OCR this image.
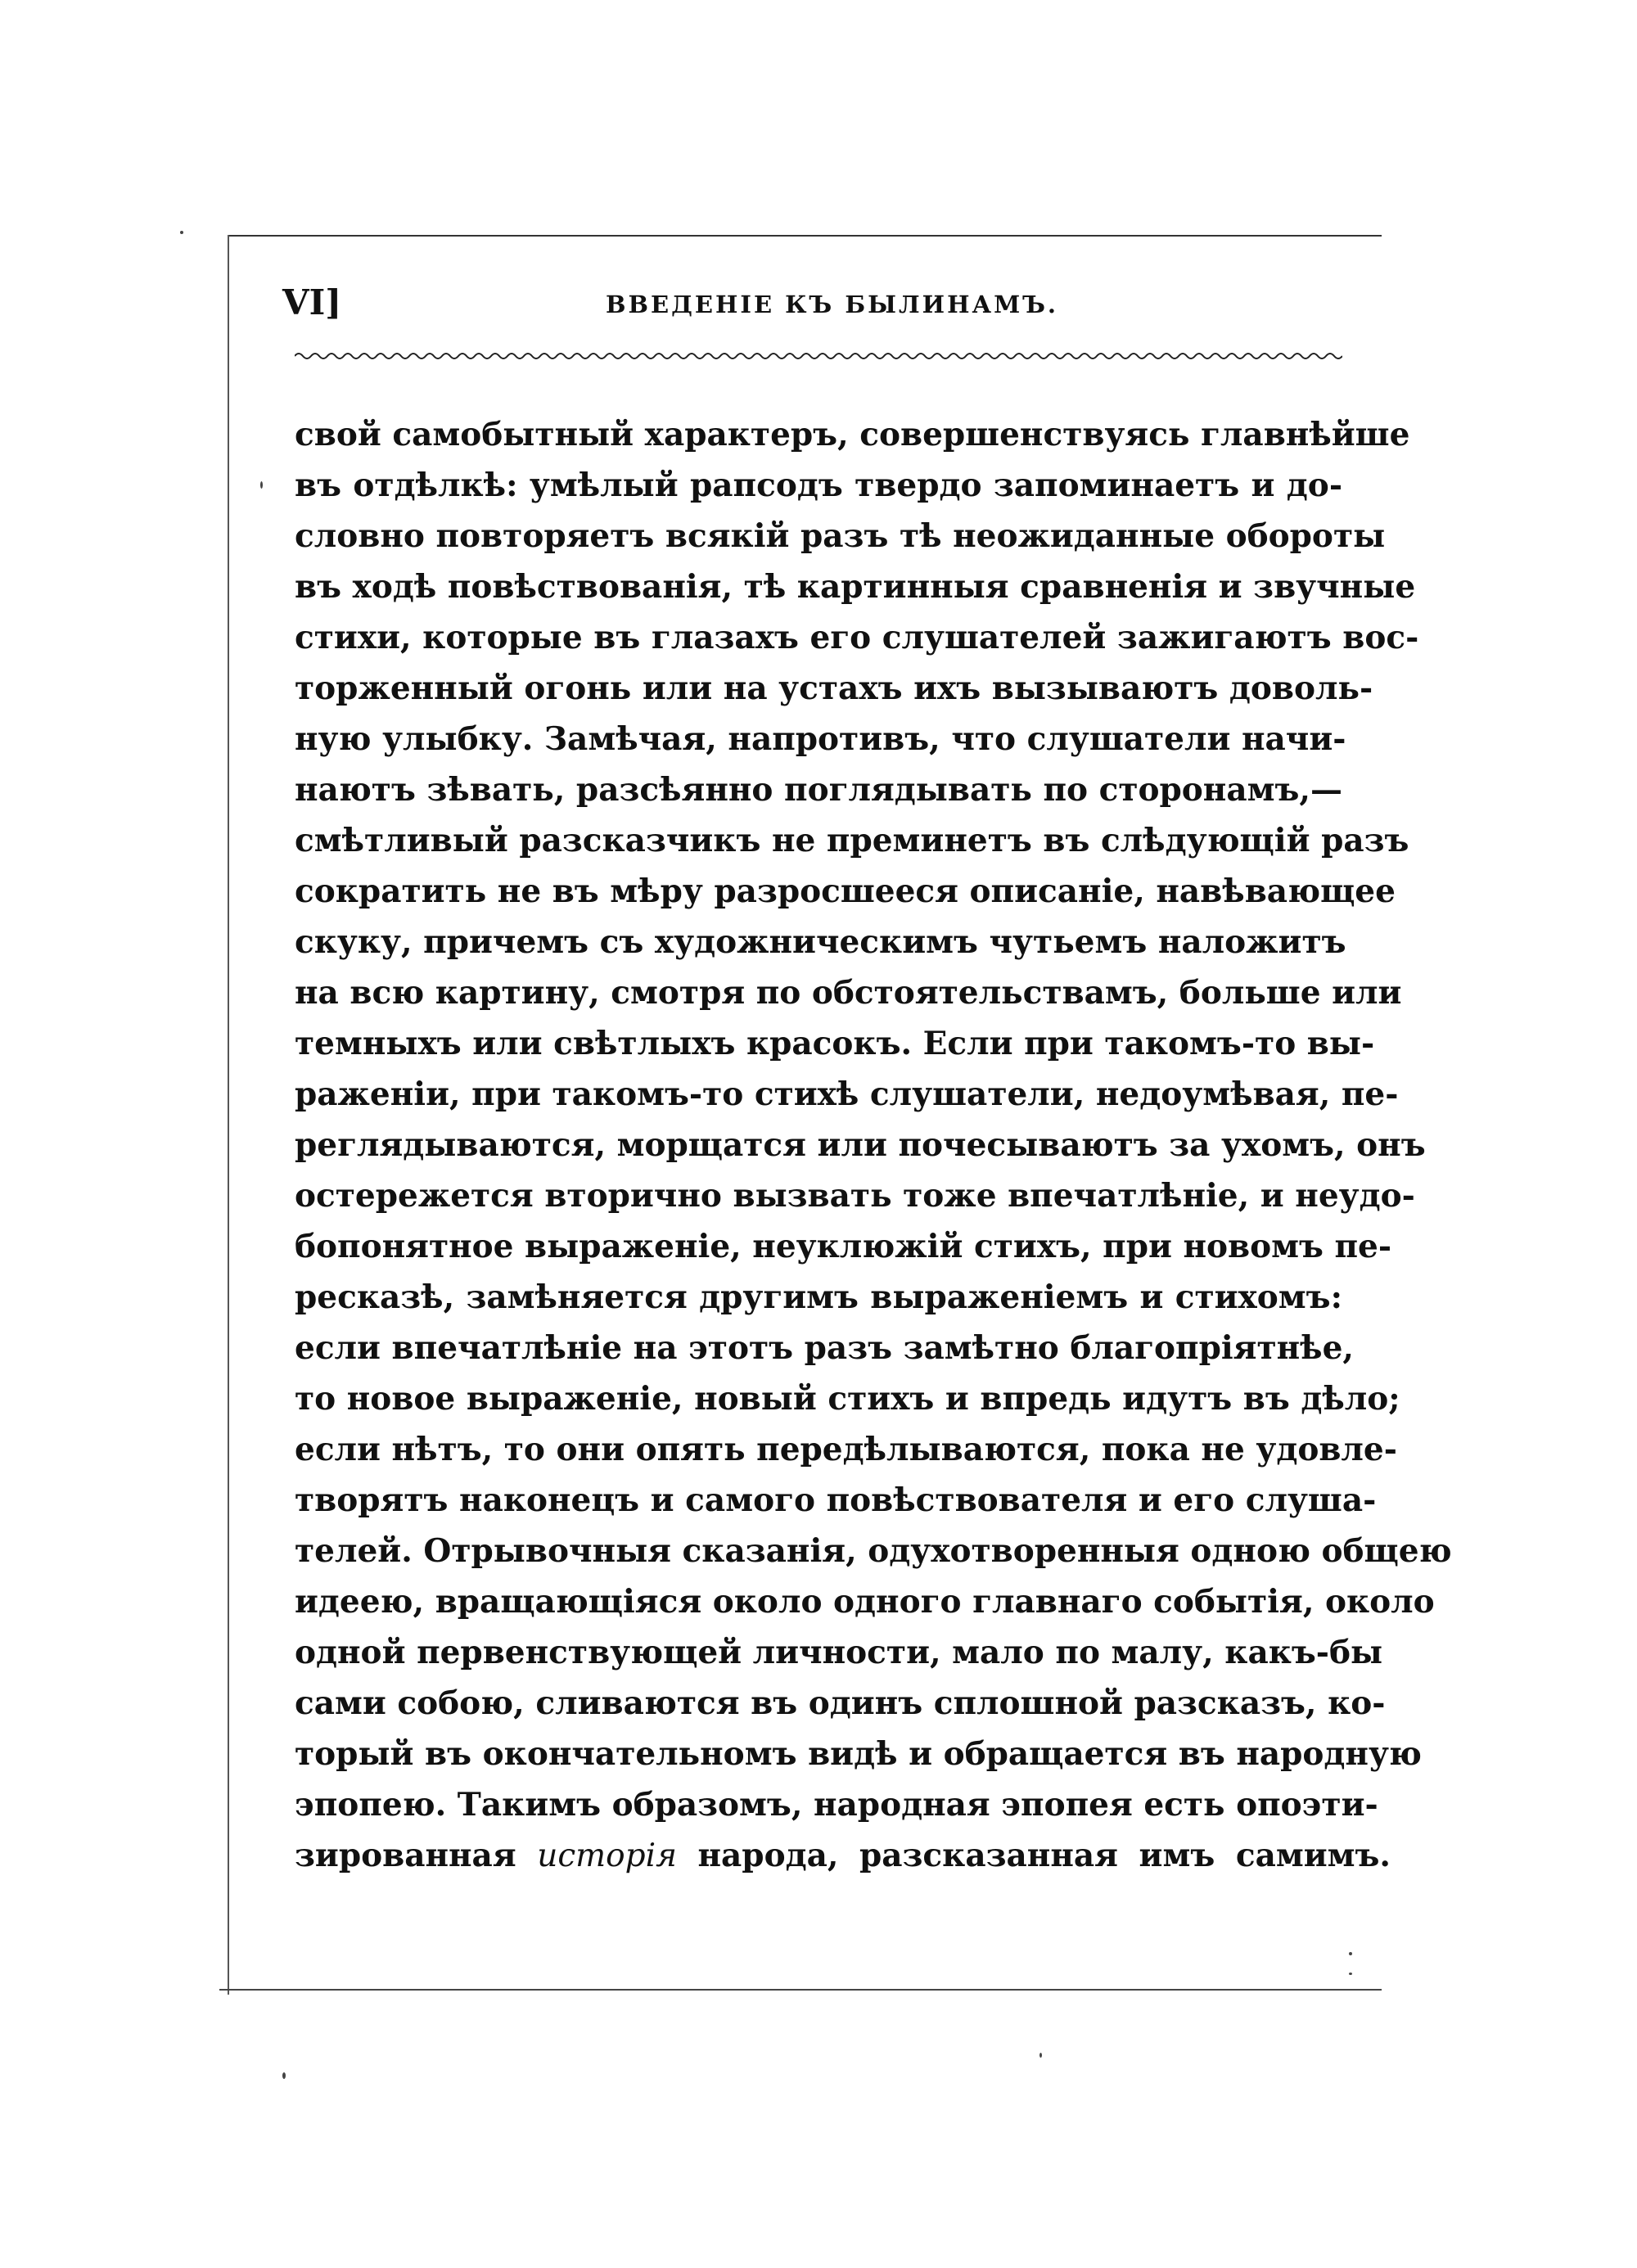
VI]	ВВЕДЕНІЕ КЪ БЫЛИНАМЪ.
свой самобытный характеръ, совершенствуясь главнѣйше
въ отдѣлкѣ: умѣлый рапсодъ твердо запоминаетъ и до-
словно повторяетъ всякій разъ тѣ неожиданные обороты
въ ходѣ повѣствованія, тѣ картинныя сравненія и звучные
стихи, которые въ глазахъ его слушателей зажигаютъ вос-
торженный огонь или на устахъ ихъ вызываютъ доволь-
ную улыбку. Замѣчая, напротивъ, что слушатели начи-
наютъ зѣвать, разсѣянно поглядывать по сторонамъ,—
смѣтливый разсказчикъ не преминетъ въ слѣдующій разъ
сократить не въ мѣру разросшееся описаніе, навѣвающее
скуку, причемъ съ художническимъ чутьемъ наложитъ
на всю картину, смотря по обстоятельствамъ, больше или
темныхъ или свѣтлыхъ красокъ. Если при такомъ-то вы-
раженіи, при такомъ-то стихѣ слушатели, недоумѣвая, пе-
реглядываются, морщатся или почесываютъ за ухомъ, онъ
остережется вторично вызвать тоже впечатлѣніе, и неудо-
бопонятное выраженіе, неуклюжій стихъ, при новомъ пе-
ресказѣ, замѣняется другимъ выраженіемъ и стихомъ:
если впечатлѣніе на этотъ разъ замѣтно благопріятнѣе,
то новое выраженіе, новый стихъ и впредь идутъ въ дѣло;
если нѣтъ, то они опять передѣлываются, пока не удовле-
творятъ наконецъ и самого повѣствователя и его слуша-
телей. Отрывочныя сказанія, одухотворенныя одною общею
идеею, вращающіяся около одного главнаго событія, около
одной первенствующей личности, мало по малу, какъ-бы
сами собою, сливаются въ одинъ сплошной разсказъ, ко-
торый въ окончательномъ видѣ и обращается въ народную
эпопею. Такимъ образомъ, народная эпопея есть опоэти-
зированная исторія народа, разсказанная имъ самимъ.
